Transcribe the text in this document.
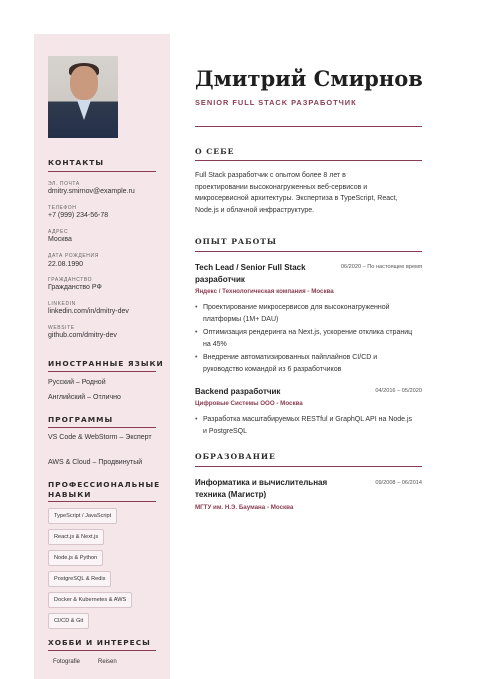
КОНТАКТЫ
ЭЛ. ПОЧТА
dmitry.smirnov@example.ru
ТЕЛЕФОН
+7 (999) 234-56-78
АДРЕС
Москва
ДАТА РОЖДЕНИЯ
22.08.1990
ГРАЖДАНСТВО
Гражданство РФ
LINKEDIN
linkedin.com/in/dmitry-dev
WEBSITE
github.com/dmitry-dev
ИНОСТРАННЫЕ ЯЗЫКИ
Русский – Родной
Английский – Отлично
ПРОГРАММЫ
VS Code & WebStorm – Эксперт
AWS & Cloud – Продвинутый
ПРОФЕССИОНАЛЬНЫЕ
НАВЫКИ
TypeScript / JavaScript
React.js & Next.js
Node.js & Python
PostgreSQL & Redis
Docker & Kubernetes & AWS
CI/CD & Git
ХОББИ И ИНТЕРЕСЫ
Fotografie	Reisen
Дмитрий Смирнов
SENIOR FULL STACK РАЗРАБОТЧИК
О СЕБЕ
Full Stack разработчик с опытом более 8 лет в проектировании высоконагруженных веб-сервисов и микросервисной архитектуры. Экспертиза в TypeScript, React, Node.js и облачной инфраструктуре.
ОПЫТ РАБОТЫ
Tech Lead / Senior Full Stack разработчик
06/2020 – По настоящее время
Яндекс / Технологическая компания - Москва
• Проектирование микросервисов для высоконагруженной платформы (1M+ DAU)
• Оптимизация рендеринга на Next.js, ускорение отклика страниц на 45%
• Внедрение автоматизированных пайплайнов CI/CD и руководство командой из 6 разработчиков
Backend разработчик	04/2016 – 05/2020
Цифровые Системы ООО - Москва
• Разработка масштабируемых RESTful и GraphQL API на Node.js и PostgreSQL
ОБРАЗОВАНИЕ
Информатика и вычислительная техника (Магистр)
09/2008 – 06/2014
МГТУ им. Н.Э. Баумана - Москва
